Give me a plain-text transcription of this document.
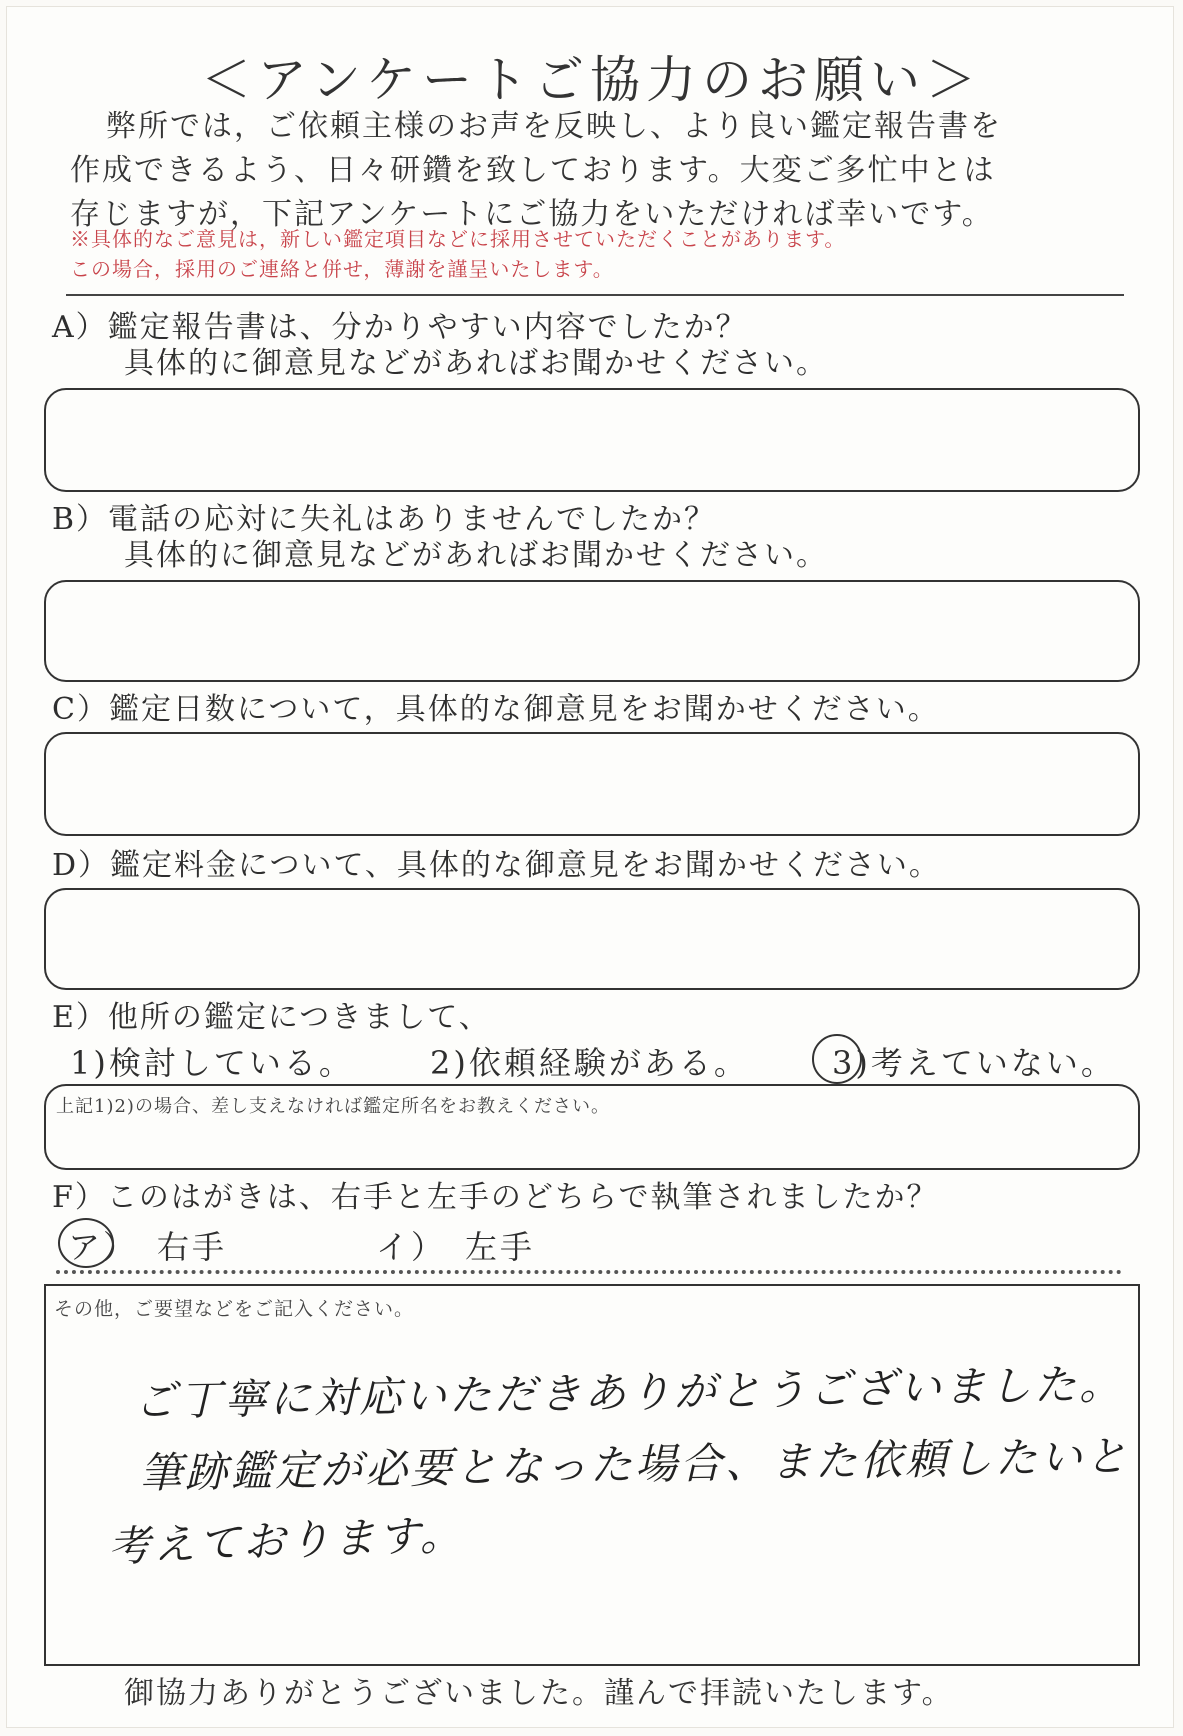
＜アンケートご協力のお願い＞

弊所では，ご依頼主様のお声を反映し、より良い鑑定報告書を

作成できるよう、日々研鑽を致しております。大変ご多忙中とは

存じますが，下記アンケートにご協力をいただければ幸いです。

※具体的なご意見は，新しい鑑定項目などに採用させていただくことがあります。

この場合，採用のご連絡と併せ，薄謝を謹呈いたします。

A）鑑定報告書は、分かりやすい内容でしたか？
具体的に御意見などがあればお聞かせください。
B）電話の応対に失礼はありませんでしたか？
具体的に御意見などがあればお聞かせください。
C）鑑定日数について，具体的な御意見をお聞かせください。
D）鑑定料金について、具体的な御意見をお聞かせください。
E）他所の鑑定につきまして、
1)検討している。 2)依頼経験がある。	3)考えていない。
上記1)2)の場合、差し支えなければ鑑定所名をお教えください。
F）このはがきは、右手と左手のどちらで執筆されましたか？
ア）　右手	イ）　左手
その他，ご要望などをご記入ください。
ご丁寧に対応いただきありがとうございました。
筆跡鑑定が必要となった場合、また依頼したいと
考えております。
御協力ありがとうございました。謹んで拝読いたします。
